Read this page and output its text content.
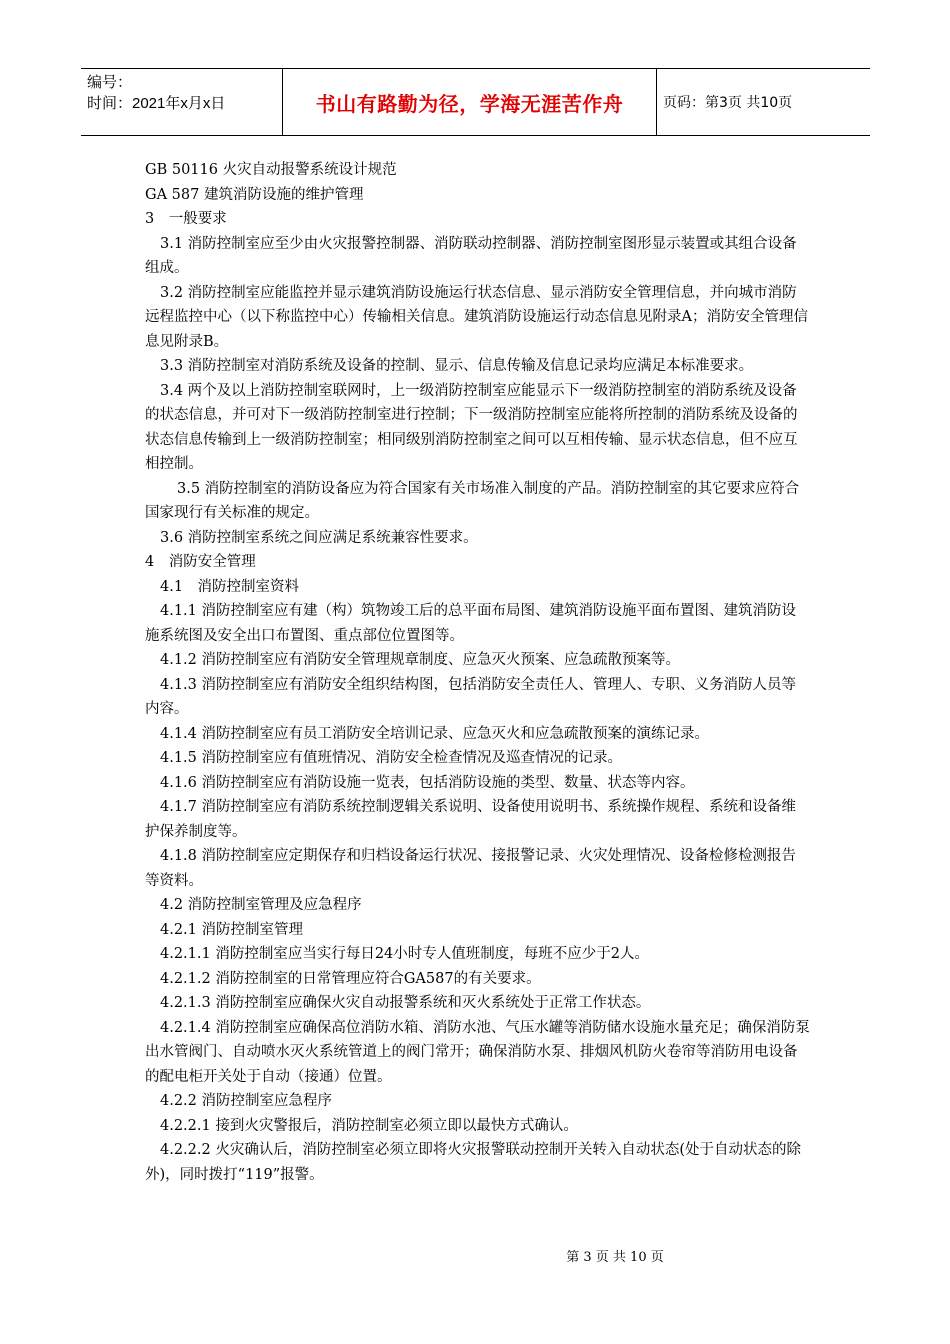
编号：
时间：2021年x月x日	书山有路勤为径，学海无涯苦作舟	页码：第3页 共10页

GB 50116 火灾自动报警系统设计规范

GA 587 建筑消防设施的维护管理

3　一般要求

3.1 消防控制室应至少由火灾报警控制器、消防联动控制器、消防控制室图形显示装置或其组合设备组成。

3.2 消防控制室应能监控并显示建筑消防设施运行状态信息、显示消防安全管理信息，并向城市消防远程监控中心（以下称监控中心）传输相关信息。建筑消防设施运行动态信息见附录A；消防安全管理信息见附录B。

3.3 消防控制室对消防系统及设备的控制、显示、信息传输及信息记录均应满足本标准要求。

3.4 两个及以上消防控制室联网时，上一级消防控制室应能显示下一级消防控制室的消防系统及设备的状态信息，并可对下一级消防控制室进行控制；下一级消防控制室应能将所控制的消防系统及设备的状态信息传输到上一级消防控制室；相同级别消防控制室之间可以互相传输、显示状态信息，但不应互相控制。

3.5 消防控制室的消防设备应为符合国家有关市场准入制度的产品。消防控制室的其它要求应符合国家现行有关标准的规定。

3.6 消防控制室系统之间应满足系统兼容性要求。

4　消防安全管理

4.1　消防控制室资料

4.1.1 消防控制室应有建（构）筑物竣工后的总平面布局图、建筑消防设施平面布置图、建筑消防设施系统图及安全出口布置图、重点部位位置图等。

4.1.2 消防控制室应有消防安全管理规章制度、应急灭火预案、应急疏散预案等。

4.1.3 消防控制室应有消防安全组织结构图，包括消防安全责任人、管理人、专职、义务消防人员等内容。

4.1.4 消防控制室应有员工消防安全培训记录、应急灭火和应急疏散预案的演练记录。

4.1.5 消防控制室应有值班情况、消防安全检查情况及巡查情况的记录。

4.1.6 消防控制室应有消防设施一览表，包括消防设施的类型、数量、状态等内容。

4.1.7 消防控制室应有消防系统控制逻辑关系说明、设备使用说明书、系统操作规程、系统和设备维护保养制度等。

4.1.8 消防控制室应定期保存和归档设备运行状况、接报警记录、火灾处理情况、设备检修检测报告等资料。

4.2 消防控制室管理及应急程序

4.2.1 消防控制室管理

4.2.1.1 消防控制室应当实行每日24小时专人值班制度，每班不应少于2人。

4.2.1.2 消防控制室的日常管理应符合GA587的有关要求。

4.2.1.3 消防控制室应确保火灾自动报警系统和灭火系统处于正常工作状态。

4.2.1.4 消防控制室应确保高位消防水箱、消防水池、气压水罐等消防储水设施水量充足；确保消防泵出水管阀门、自动喷水灭火系统管道上的阀门常开；确保消防水泵、排烟风机防火卷帘等消防用电设备的配电柜开关处于自动（接通）位置。

4.2.2 消防控制室应急程序

4.2.2.1 接到火灾警报后，消防控制室必须立即以最快方式确认。

4.2.2.2 火灾确认后，消防控制室必须立即将火灾报警联动控制开关转入自动状态(处于自动状态的除外)，同时拨打“119”报警。

第 3 页 共 10 页
